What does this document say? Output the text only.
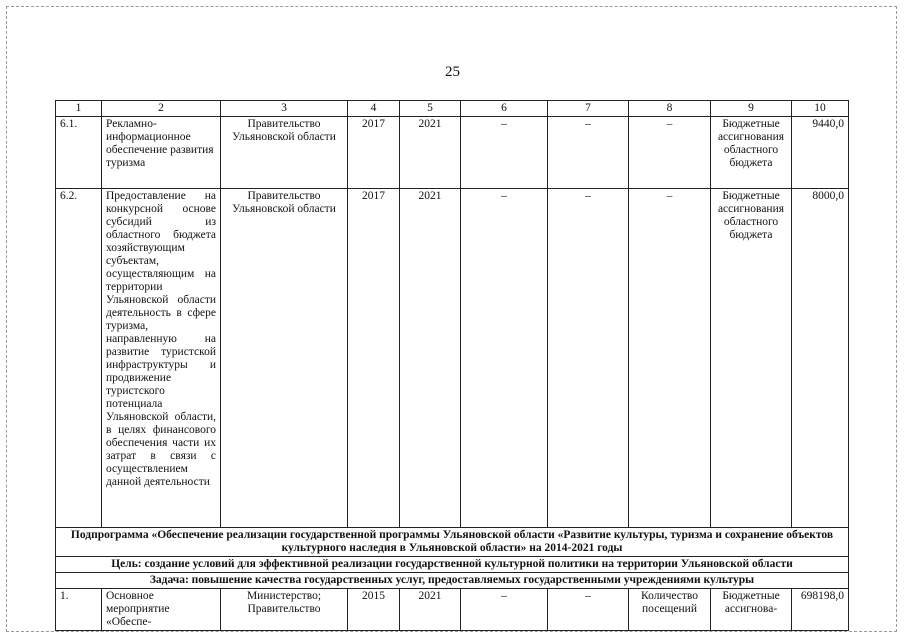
25
1	2	3	4	5	6	7	8	9	10
6.1.	Рекламно-информационное обеспечение развития туризма	Правительство Ульяновской области	2017	2021	–	–	–	Бюджетные ассигнования областного бюджета	9440,0
6.2.	Предоставление на конкурсной основе субсидий из областного бюджета хозяйствующим субъектам, осуществляющим на территории Ульяновской области деятельность в сфере туризма, направленную на развитие туристской инфраструктуры и продвижение туристского потенциала Ульяновской области, в целях финансового обеспечения части их затрат в связи с осуществлением данной деятельности	Правительство Ульяновской области	2017	2021	–	–	–	Бюджетные ассигнования областного бюджета	8000,0
Подпрограмма «Обеспечение реализации государственной программы Ульяновской области «Развитие культуры, туризма и сохранение объектов культурного наследия в Ульяновской области» на 2014-2021 годы									
Цель: создание условий для эффективной реализации государственной культурной политики на территории Ульяновской области									
Задача: повышение качества государственных услуг, предоставляемых государственными учреждениями культуры									
1.	Основное мероприятие «Обеспе-	Министерство; Правительство	2015	2021	–	–	Количество посещений	Бюджетные ассигнова-	698198,0
